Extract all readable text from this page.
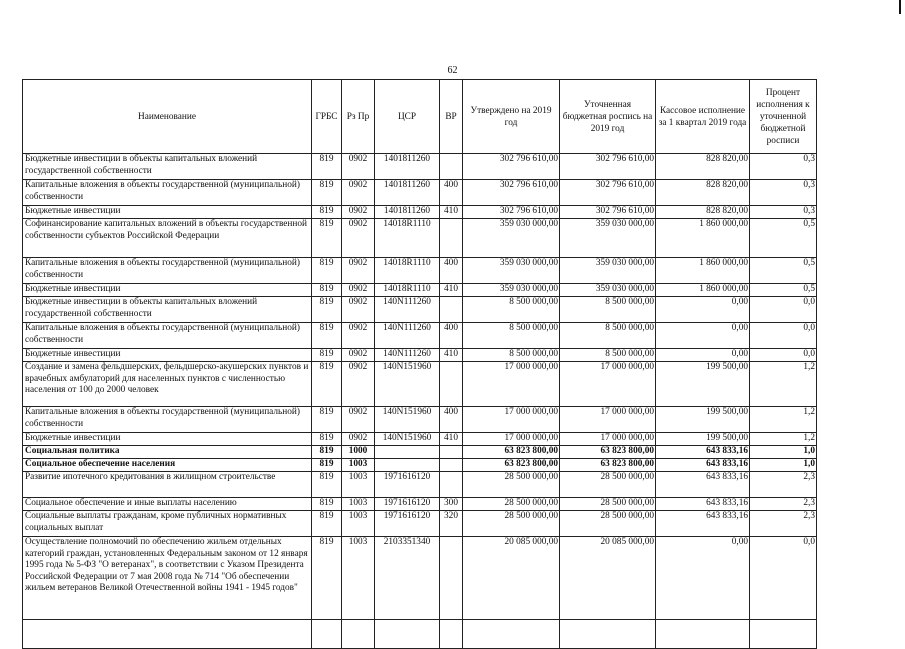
62
Наименование	ГРБС	Рз Пр	ЦСР	ВР	Утверждено на 2019 год	Уточненная бюджетная роспись на 2019 год	Кассовое исполнение за 1 квартал 2019 года	Процент исполнения к уточненной бюджетной росписи
Бюджетные инвестиции в объекты капитальных вложений государственной собственности	819	0902	1401811260		302 796 610,00	302 796 610,00	828 820,00	0,3
Капитальные вложения в объекты государственной (муниципальной) собственности	819	0902	1401811260	400	302 796 610,00	302 796 610,00	828 820,00	0,3
Бюджетные инвестиции	819	0902	1401811260	410	302 796 610,00	302 796 610,00	828 820,00	0,3
Софинансирование капитальных вложений в объекты государственной собственности субъектов Российской Федерации	819	0902	14018R1110		359 030 000,00	359 030 000,00	1 860 000,00	0,5
Капитальные вложения в объекты государственной (муниципальной) собственности	819	0902	14018R1110	400	359 030 000,00	359 030 000,00	1 860 000,00	0,5
Бюджетные инвестиции	819	0902	14018R1110	410	359 030 000,00	359 030 000,00	1 860 000,00	0,5
Бюджетные инвестиции в объекты капитальных вложений государственной собственности	819	0902	140N111260		8 500 000,00	8 500 000,00	0,00	0,0
Капитальные вложения в объекты государственной (муниципальной) собственности	819	0902	140N111260	400	8 500 000,00	8 500 000,00	0,00	0,0
Бюджетные инвестиции	819	0902	140N111260	410	8 500 000,00	8 500 000,00	0,00	0,0
Создание и замена фельдшерских, фельдшерско-акушерских пунктов и врачебных амбулаторий для населенных пунктов с численностью населения от 100 до 2000 человек	819	0902	140N151960		17 000 000,00	17 000 000,00	199 500,00	1,2
Капитальные вложения в объекты государственной (муниципальной) собственности	819	0902	140N151960	400	17 000 000,00	17 000 000,00	199 500,00	1,2
Бюджетные инвестиции	819	0902	140N151960	410	17 000 000,00	17 000 000,00	199 500,00	1,2
Социальная политика	819	1000			63 823 800,00	63 823 800,00	643 833,16	1,0
Социальное обеспечение населения	819	1003			63 823 800,00	63 823 800,00	643 833,16	1,0
Развитие ипотечного кредитования в жилищном строительстве	819	1003	1971616120		28 500 000,00	28 500 000,00	643 833,16	2,3
Социальное обеспечение и иные выплаты населению	819	1003	1971616120	300	28 500 000,00	28 500 000,00	643 833,16	2,3
Социальные выплаты гражданам, кроме публичных нормативных социальных выплат	819	1003	1971616120	320	28 500 000,00	28 500 000,00	643 833,16	2,3
Осуществление полномочий по обеспечению жильем отдельных категорий граждан, установленных Федеральным законом от 12 января 1995 года № 5-ФЗ "О ветеранах", в соответствии с Указом Президента Российской Федерации от 7 мая 2008 года № 714 "Об обеспечении жильем ветеранов Великой Отечественной войны 1941 - 1945 годов"	819	1003	2103351340		20 085 000,00	20 085 000,00	0,00	0,0
